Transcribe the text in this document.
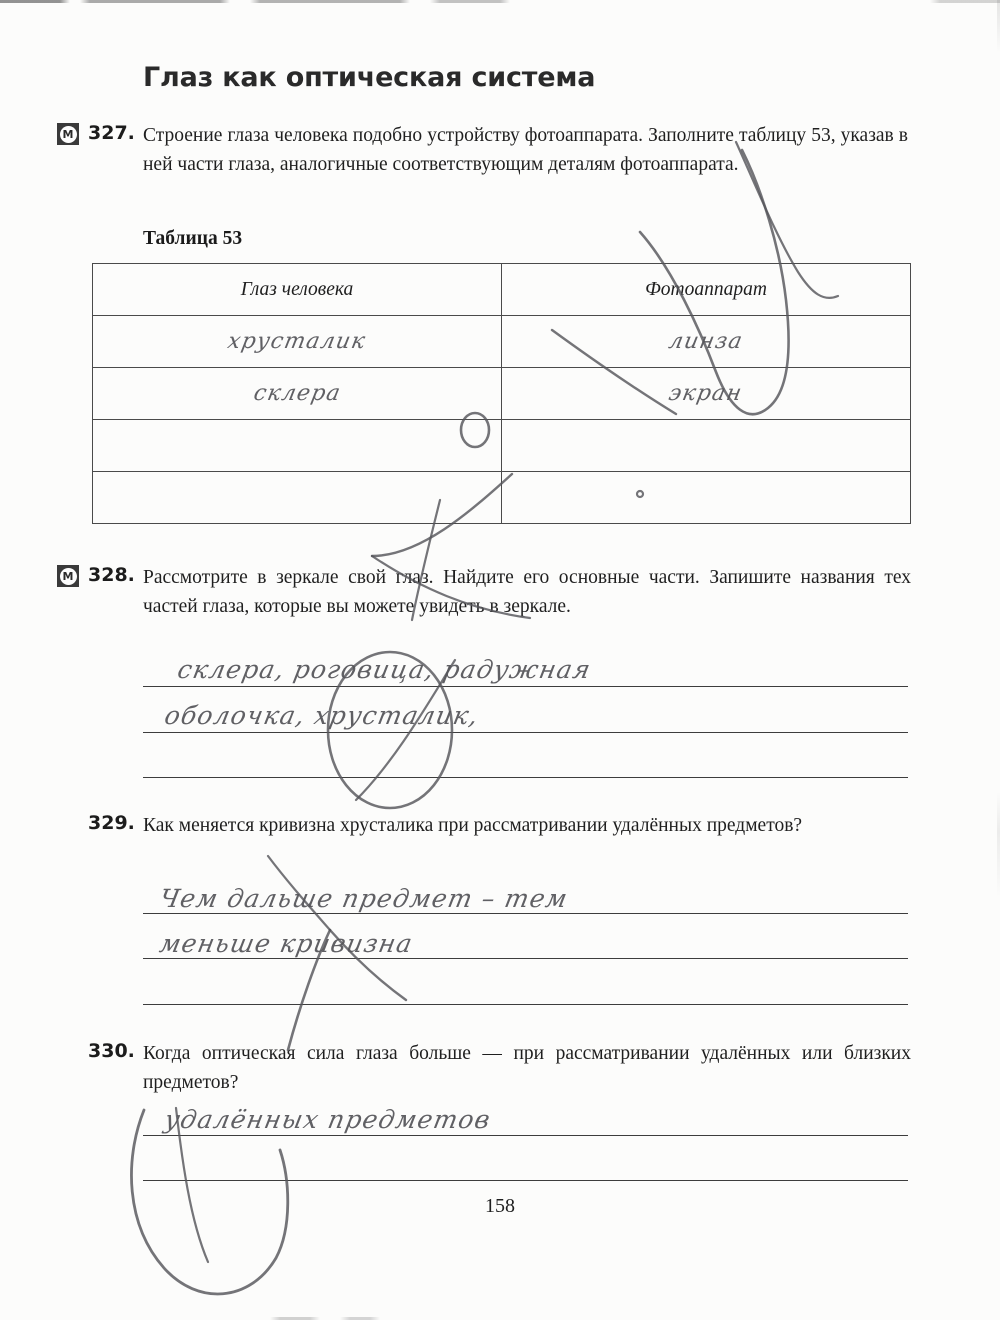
Глаз как оптическая система
М 327. Строение глаза человека подобно устройству фотоаппарата. Заполните таблицу 53, указав в ней части глаза, аналогичные соответствующим деталям фотоаппарата.
Таблица 53
Глаз человека	Фотоаппарат
хрусталик	линза
склера	экран

М 328. Рассмотрите в зеркале свой глаз. Найдите его основные части. Запишите названия тех частей глаза, которые вы можете увидеть в зеркале.
склера, роговица, радужная
оболочка, хрусталик,
329. Как меняется кривизна хрусталика при рассматривании удалённых предметов?
Чем дальше предмет – тем
меньше кривизна
330. Когда оптическая сила глаза больше — при рассматривании удалённых или близких предметов?
удалённых предметов
158
